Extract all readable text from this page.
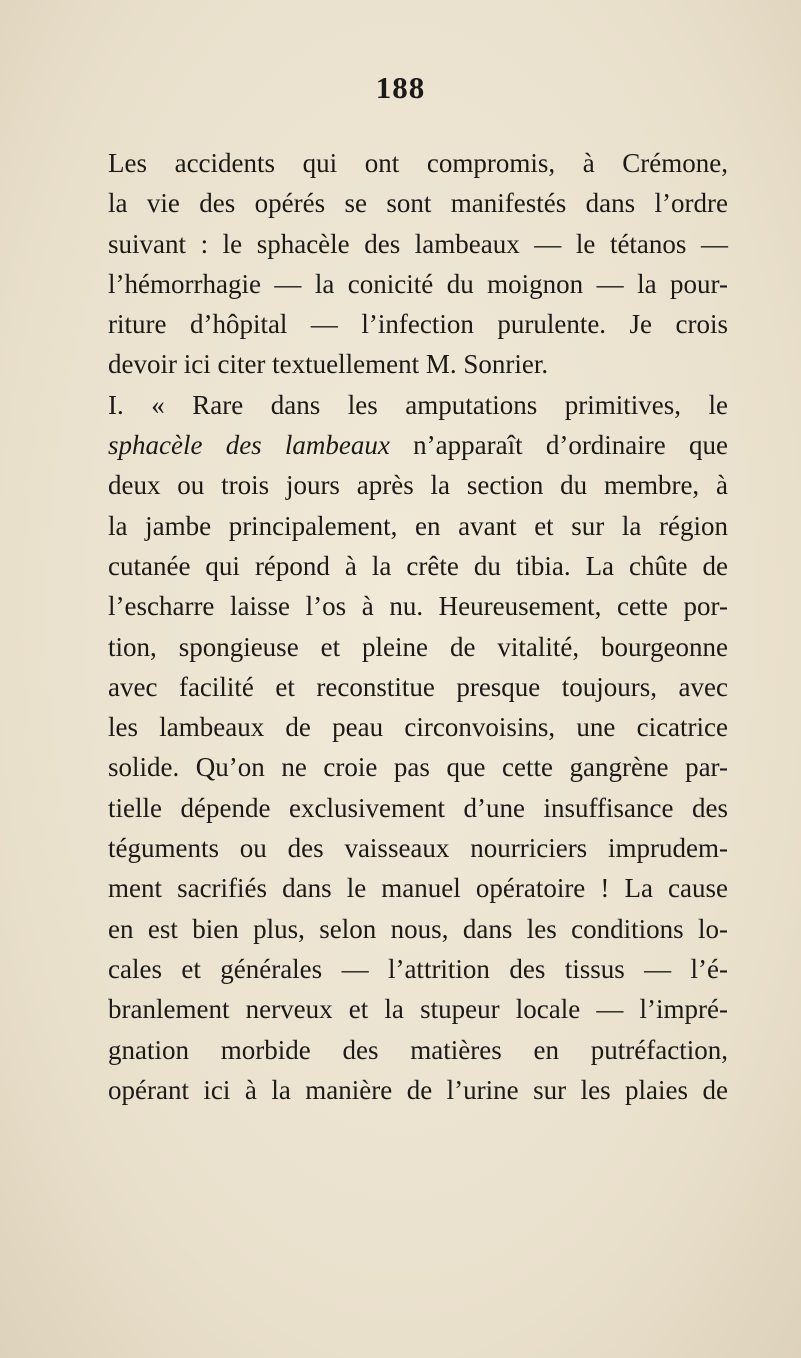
188
Les accidents qui ont compromis, à Crémone,
la vie des opérés se sont manifestés dans l’ordre
suivant : le sphacèle des lambeaux — le tétanos —
l’hémorrhagie — la conicité du moignon — la pour-
riture d’hôpital — l’infection purulente. Je crois
devoir ici citer textuellement M. Sonrier.
I. « Rare dans les amputations primitives, le
sphacèle des lambeaux n’apparaît d’ordinaire que
deux ou trois jours après la section du membre, à
la jambe principalement, en avant et sur la région
cutanée qui répond à la crête du tibia. La chûte de
l’escharre laisse l’os à nu. Heureusement, cette por-
tion, spongieuse et pleine de vitalité, bourgeonne
avec facilité et reconstitue presque toujours, avec
les lambeaux de peau circonvoisins, une cicatrice
solide. Qu’on ne croie pas que cette gangrène par-
tielle dépende exclusivement d’une insuffisance des
téguments ou des vaisseaux nourriciers imprudem-
ment sacrifiés dans le manuel opératoire ! La cause
en est bien plus, selon nous, dans les conditions lo-
cales et générales — l’attrition des tissus — l’é-
branlement nerveux et la stupeur locale — l’impré-
gnation morbide des matières en putréfaction,
opérant ici à la manière de l’urine sur les plaies de
